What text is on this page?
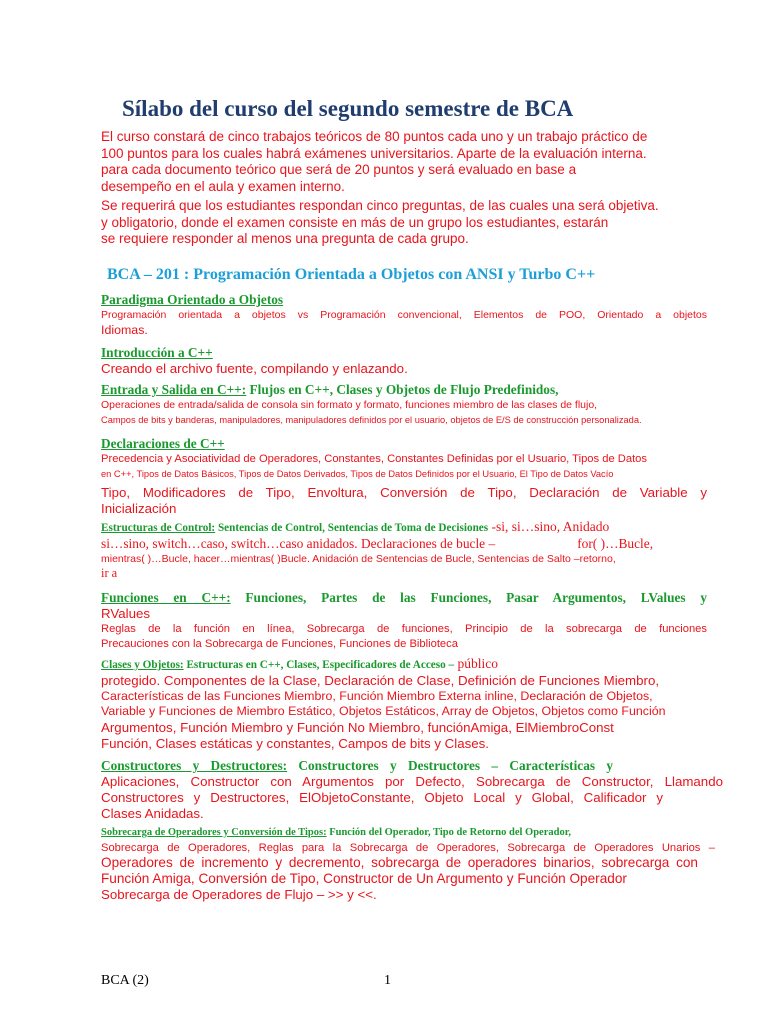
Sílabo del curso del segundo semestre de BCA
El curso constará de cinco trabajos teóricos de 80 puntos cada uno y un trabajo práctico de
100 puntos para los cuales habrá exámenes universitarios. Aparte de la evaluación interna.
para cada documento teórico que será de 20 puntos y será evaluado en base a
desempeño en el aula y examen interno.
Se requerirá que los estudiantes respondan cinco preguntas, de las cuales una será objetiva.
y obligatorio, donde el examen consiste en más de un grupo los estudiantes, estarán
se requiere responder al menos una pregunta de cada grupo.
BCA – 201 : Programación Orientada a Objetos con ANSI y Turbo C++
Paradigma Orientado a Objetos
Programación orientada a objetos vs Programación convencional, Elementos de POO, Orientado a objetos
Idiomas.
Introducción a C++
Creando el archivo fuente, compilando y enlazando.
Entrada y Salida en C++: Flujos en C++, Clases y Objetos de Flujo Predefinidos,
Operaciones de entrada/salida de consola sin formato y formato, funciones miembro de las clases de flujo,
Campos de bits y banderas, manipuladores, manipuladores definidos por el usuario, objetos de E/S de construcción personalizada.
Declaraciones de C++
Precedencia y Asociatividad de Operadores, Constantes, Constantes Definidas por el Usuario, Tipos de Datos
en C++, Tipos de Datos Básicos, Tipos de Datos Derivados, Tipos de Datos Definidos por el Usuario, El Tipo de Datos Vacío
Tipo, Modificadores de Tipo, Envoltura, Conversión de Tipo, Declaración de Variable y
Inicialización
Estructuras de Control: Sentencias de Control, Sentencias de Toma de Decisiones -si, si…sino, Anidado
si…sino, switch…caso, switch…caso anidados. Declaraciones de bucle –	for( )…Bucle,
mientras( )…Bucle, hacer…mientras( )Bucle. Anidación de Sentencias de Bucle, Sentencias de Salto –retorno,
ir a
Funciones en C++: Funciones, Partes de las Funciones, Pasar Argumentos, LValues y
RValues
Reglas de la función en línea, Sobrecarga de funciones, Principio de la sobrecarga de funciones
Precauciones con la Sobrecarga de Funciones, Funciones de Biblioteca
Clases y Objetos: Estructuras en C++, Clases, Especificadores de Acceso – público
protegido. Componentes de la Clase, Declaración de Clase, Definición de Funciones Miembro,
Características de las Funciones Miembro, Función Miembro Externa inline, Declaración de Objetos,
Variable y Funciones de Miembro Estático, Objetos Estáticos, Array de Objetos, Objetos como Función
Argumentos, Función Miembro y Función No Miembro, funciónAmiga, ElMiembroConst
Función, Clases estáticas y constantes, Campos de bits y Clases.
Constructores y Destructores: Constructores y Destructores – Características y
Aplicaciones, Constructor con Argumentos por Defecto, Sobrecarga de Constructor, Llamando
Constructores y Destructores, ElObjetoConstante, Objeto Local y Global, Calificador y
Clases Anidadas.
Sobrecarga de Operadores y Conversión de Tipos: Función del Operador, Tipo de Retorno del Operador,
Sobrecarga de Operadores, Reglas para la Sobrecarga de Operadores, Sobrecarga de Operadores Unarios –
Operadores de incremento y decremento, sobrecarga de operadores binarios, sobrecarga con
Función Amiga, Conversión de Tipo, Constructor de Un Argumento y Función Operador
Sobrecarga de Operadores de Flujo – >> y <<.
BCA (2)	1
